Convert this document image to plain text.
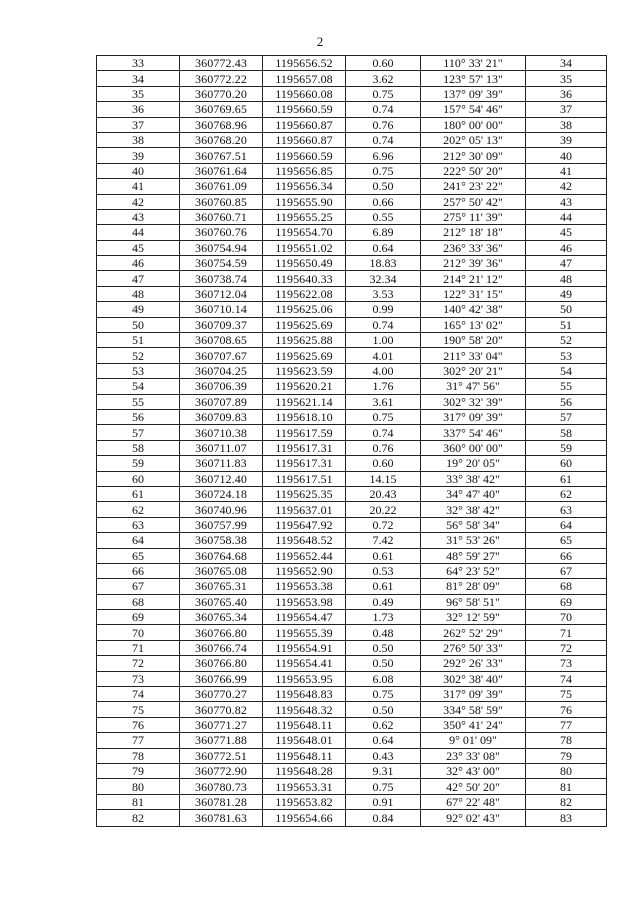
2
33	360772.43	1195656.52	0.60	110° 33' 21"	34
34	360772.22	1195657.08	3.62	123° 57' 13"	35
35	360770.20	1195660.08	0.75	137° 09' 39"	36
36	360769.65	1195660.59	0.74	157° 54' 46"	37
37	360768.96	1195660.87	0.76	180° 00' 00"	38
38	360768.20	1195660.87	0.74	202° 05' 13"	39
39	360767.51	1195660.59	6.96	212° 30' 09"	40
40	360761.64	1195656.85	0.75	222° 50' 20"	41
41	360761.09	1195656.34	0.50	241° 23' 22"	42
42	360760.85	1195655.90	0.66	257° 50' 42"	43
43	360760.71	1195655.25	0.55	275° 11' 39"	44
44	360760.76	1195654.70	6.89	212° 18' 18"	45
45	360754.94	1195651.02	0.64	236° 33' 36"	46
46	360754.59	1195650.49	18.83	212° 39' 36"	47
47	360738.74	1195640.33	32.34	214° 21' 12"	48
48	360712.04	1195622.08	3.53	122° 31' 15"	49
49	360710.14	1195625.06	0.99	140° 42' 38"	50
50	360709.37	1195625.69	0.74	165° 13' 02"	51
51	360708.65	1195625.88	1.00	190° 58' 20"	52
52	360707.67	1195625.69	4.01	211° 33' 04"	53
53	360704.25	1195623.59	4.00	302° 20' 21"	54
54	360706.39	1195620.21	1.76	31° 47' 56"	55
55	360707.89	1195621.14	3.61	302° 32' 39"	56
56	360709.83	1195618.10	0.75	317° 09' 39"	57
57	360710.38	1195617.59	0.74	337° 54' 46"	58
58	360711.07	1195617.31	0.76	360° 00' 00"	59
59	360711.83	1195617.31	0.60	19° 20' 05"	60
60	360712.40	1195617.51	14.15	33° 38' 42"	61
61	360724.18	1195625.35	20.43	34° 47' 40"	62
62	360740.96	1195637.01	20.22	32° 38' 42"	63
63	360757.99	1195647.92	0.72	56° 58' 34"	64
64	360758.38	1195648.52	7.42	31° 53' 26"	65
65	360764.68	1195652.44	0.61	48° 59' 27"	66
66	360765.08	1195652.90	0.53	64° 23' 52"	67
67	360765.31	1195653.38	0.61	81° 28' 09"	68
68	360765.40	1195653.98	0.49	96° 58' 51"	69
69	360765.34	1195654.47	1.73	32° 12' 59"	70
70	360766.80	1195655.39	0.48	262° 52' 29"	71
71	360766.74	1195654.91	0.50	276° 50' 33"	72
72	360766.80	1195654.41	0.50	292° 26' 33"	73
73	360766.99	1195653.95	6.08	302° 38' 40"	74
74	360770.27	1195648.83	0.75	317° 09' 39"	75
75	360770.82	1195648.32	0.50	334° 58' 59"	76
76	360771.27	1195648.11	0.62	350° 41' 24"	77
77	360771.88	1195648.01	0.64	9° 01' 09"	78
78	360772.51	1195648.11	0.43	23° 33' 08"	79
79	360772.90	1195648.28	9.31	32° 43' 00"	80
80	360780.73	1195653.31	0.75	42° 50' 20"	81
81	360781.28	1195653.82	0.91	67° 22' 48"	82
82	360781.63	1195654.66	0.84	92° 02' 43"	83
